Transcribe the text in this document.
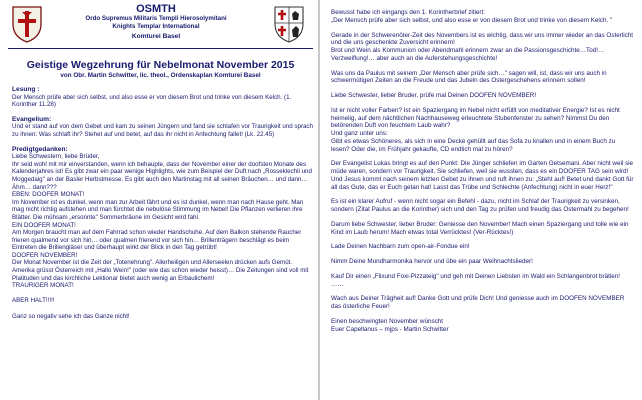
OSMTH
Ordo Supremus Militaris Templi Hierosolymitani
Knights Templar International
Komturei Basel
Geistige Wegzehrung für Nebelmonat November 2015
von Obr. Martin Schwitter, lic. theol., Ordenskaplan Komturei Basel
Lesung :

Der Mensch prüfe aber sich selbst, und also esse er von diesem Brot und trinke von diesem Kelch. (1. Korinther 11.28)

Evangelium:

Und er stand auf von dem Gebet und kam zu seinen Jüngern und fand sie schlafen vor Traurigkeit und sprach zu ihnen: Was schlaft ihr? Stehet auf und betet, auf das ihr nicht in Anfechtung fallet! (Lk. 22.45)

Predigtgedanken:

Liebe Schwestern, liebe Brüder,
Ihr seid wohl mit mir einverstanden, wenn ich behaupte, dass der November einer der doofsten Monate des Kalenderjahres ist! Es gibt zwar ein paar wenige Highlights, wie zum Beispiel der Duft nach „Rosseklechli und Moggedaig" an der Basler Herbstmesse. Es gibt auch den Martinstag mit all seinen Bräuchen… und dann… Ähm… dann???
EBEN: DOOFER MONAT!
Im November ist es dunkel, wenn man zur Arbeit fährt und es ist dunkel, wenn man nach Hause geht. Man mag nicht richtig aufstehen und man fürchtet die nebulöse Stimmung im Nebel! Die Pflanzen verlieren ihre Blätter. Die mühsam „ersonnte" Sommerbräune im Gesicht wird fahl.
EIN DOOFER MONAT!
Am Morgen braucht man auf dem Fahrrad schon wieder Handschuhe. Auf dem Balkon stehende Raucher frieren qualmend vor sich hin… oder qualmen frierend vor sich hin… Brillenträgern beschlägt es beim Eintreten die Brillengläser und überhaupt wirkt der Blick in den Tag getrübt!
DOOFER NOVEMBER!
Der Monat November ist die Zeit der „Totenehrung". Allerheiligen und Allerseelen drücken aufs Gemüt. Amerika grüsst Österreich mit „Hallo Wein!" (oder wie das schon wieder heisst)… Die Zeitungen sind voll mit Platituden und das kirchliche Lektionar bietet auch wenig an Erbaulichem!
TRAURIGER MONAT!

ABER HALT!!!!!

Ganz so negativ sehe ich das Ganze nicht!

Bewusst habe ich eingangs den 1. Korintherbrief zitiert:
„Der Mensch prüfe aber sich selbst, und also esse er von diesem Brot und trinke von diesem Kelch. "

Gerade in der Schwerenöter-Zeit des Novembers ist es wichtig, dass wir uns immer wieder an das Osterlicht und die uns geschenkte Zuversicht erinnern!
Brot und Wein als Kommunion oder Abendmahl erinnern zwar an die Passionsgeschichte…Tod!…Verzweiflung!… aber auch an die Auferstehungsgeschichte!

Was uns da Paulus mit seinem „Der Mensch aber prüfe sich…" sagen will, ist, dass wir uns auch in schwermütigen Zeiten an die Freude und das Jubeln des Ostergeschehens erinnern sollen!

Liebe Schwester, lieber Bruder, prüfe mal Deinen DOOFEN NOVEMBER!

Ist er nicht voller Farben? Ist ein Spaziergang im Nebel nicht erfüllt von meditativer Energie? Ist es nicht heimelig, auf dem nächtlichen Nachhauseweg erleuchtete Stubenfenster zu sehen? Nimmst Du den betörenden Duft von feuchtem Laub wahr?
Und ganz unter uns:
Gibt es etwas Schöneres, als sich in eine Decke gehüllt auf das Sofa zu knallen und in einem Buch zu lesen? Oder die, im Frühjahr gekaufte, CD endlich mal zu hören?

Der Evangelist Lukas bringt es auf den Punkt: Die Jünger schliefen im Garten Getsemani. Aber nicht weil sie müde waren, sondern vor Traurigkeit. Sie schliefen, weil sie wussten, dass es ein DOOFER TAG sein wird!
Und Jesus kommt nach seinem letzten Gebet zu ihnen und ruft ihnen zu: „Steht auf! Betet und dankt Gott für all das Gute, das er Euch getan hat! Lasst das Trübe und Schlechte (Anfechtung) nicht in euer Herz!"

Es ist ein klarer Aufruf - wenn nicht sogar ein Befehl - dazu, nicht im Schlaf der Traurigkeit zu versinken, sondern (Zitat Paulus an die Korinther) sich und den Tag zu prüfen und freudig das Ostermahl zu begehen!

Darum liebe Schwester, lieber Bruder: Geniesse den November! Mach einen Spaziergang und tolle wie ein Kind im Laub herum! Mach etwas total Verrücktes! (Ver-Rücktes!)

Lade Deinen Nachbarn zum open-air-Fondue ein!

Nimm Deine Mundharmonika hervor und übe ein paar Weihnachtslieder!

Kauf Dir einen „Flixund Foxi-Pizzateig" und geh mit Deinen Liebsten im Wald ein Schlangenbrot brätlen! ……

Wach aus Deiner Trägheit auf! Danke Gott und prüfe Dich! Und geniesse auch im DOOFEN NOVEMBER das österliche Feuer!

Einen beschwingten November wünscht
Euer Capellanus – mjps - Martin Schwitter
